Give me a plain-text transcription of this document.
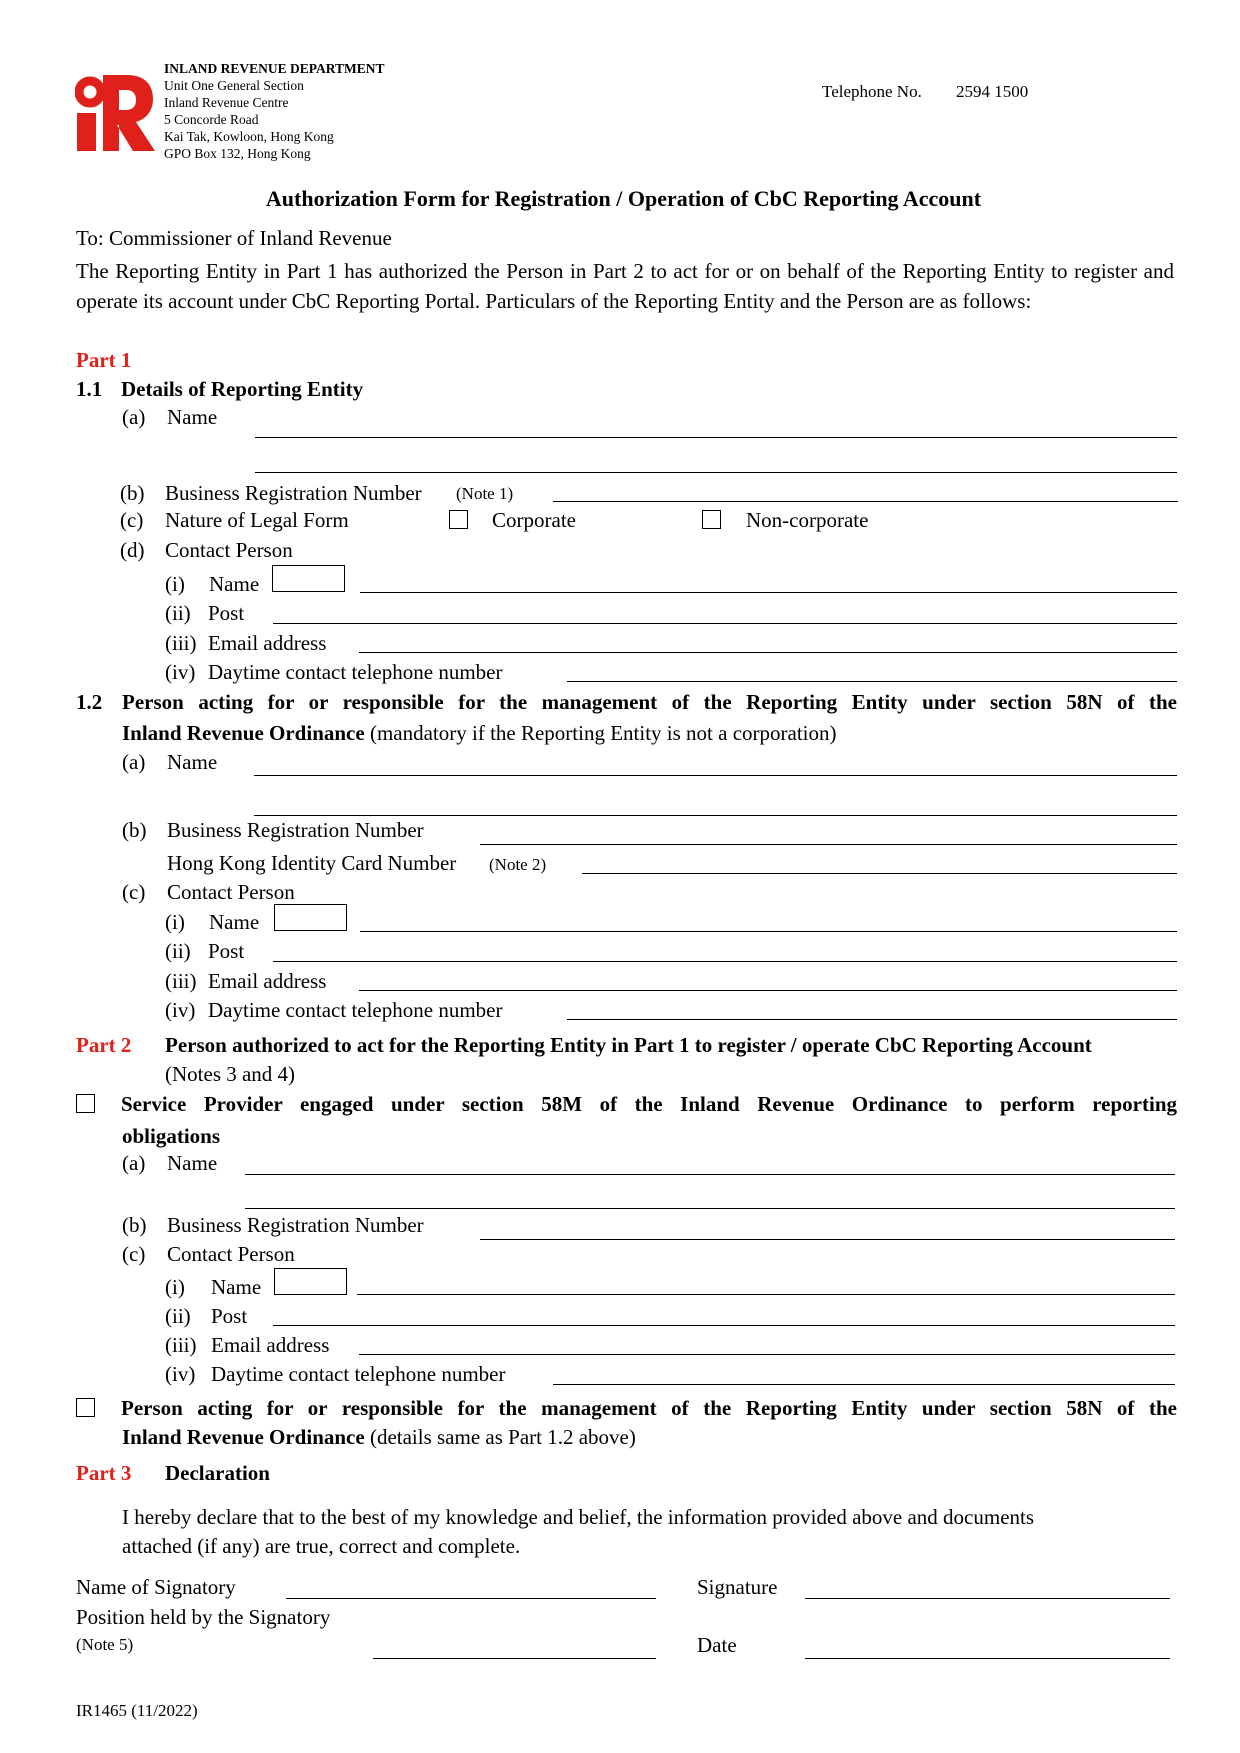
INLAND REVENUE DEPARTMENT
Unit One General Section
Inland Revenue Centre
5 Concorde Road
Kai Tak, Kowloon, Hong Kong
GPO Box 132, Hong Kong
Telephone No. 2594 1500
Authorization Form for Registration / Operation of CbC Reporting Account
To: Commissioner of Inland Revenue
The Reporting Entity in Part 1 has authorized the Person in Part 2 to act for or on behalf of the Reporting Entity to register and operate its account under CbC Reporting Portal. Particulars of the Reporting Entity and the Person are as follows:
Part 1
1.1 Details of Reporting Entity
(a) Name
(b) Business Registration Number (Note 1)
(c) Nature of Legal Form	Corporate	Non-corporate
(d) Contact Person
(i) Name
(ii) Post
(iii) Email address
(iv) Daytime contact telephone number
1.2 Person acting for or responsible for the management of the Reporting Entity under section 58N of the
Inland Revenue Ordinance (mandatory if the Reporting Entity is not a corporation)
(a) Name
(b) Business Registration Number
Hong Kong Identity Card Number (Note 2)
(c) Contact Person
(i) Name
(ii) Post
(iii) Email address
(iv) Daytime contact telephone number
Part 2 Person authorized to act for the Reporting Entity in Part 1 to register / operate CbC Reporting Account
(Notes 3 and 4)
Service Provider engaged under section 58M of the Inland Revenue Ordinance to perform reporting
obligations
(a) Name
(b) Business Registration Number
(c) Contact Person
(i) Name
(ii) Post
(iii) Email address
(iv) Daytime contact telephone number
Person acting for or responsible for the management of the Reporting Entity under section 58N of the
Inland Revenue Ordinance (details same as Part 1.2 above)
Part 3 Declaration
I hereby declare that to the best of my knowledge and belief, the information provided above and documents
attached (if any) are true, correct and complete.
Name of Signatory	Signature
Position held by the Signatory
(Note 5)	Date
IR1465 (11/2022)
